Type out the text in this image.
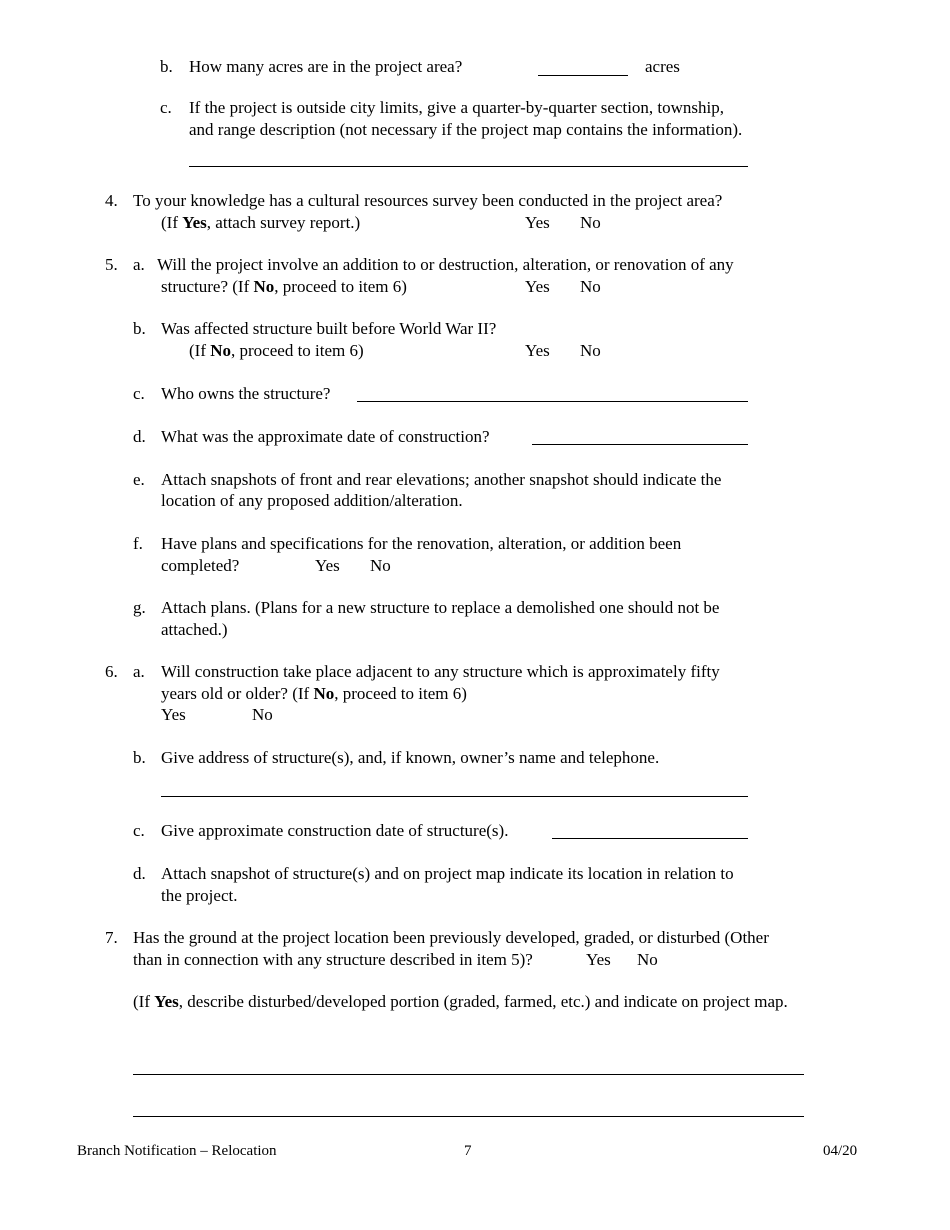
b. How many acres are in the project area?	acres
c. If the project is outside city limits, give a quarter-by-quarter section, township,
and range description (not necessary if the project map contains the information).
4. To your knowledge has a cultural resources survey been conducted in the project area?
(If Yes, attach survey report.)	Yes No
5. a. Will the project involve an addition to or destruction, alteration, or renovation of any
structure? (If No, proceed to item 6)	Yes No
b. Was affected structure built before World War II?
(If No, proceed to item 6)	Yes No
c. Who owns the structure?
d. What was the approximate date of construction?
e. Attach snapshots of front and rear elevations; another snapshot should indicate the
location of any proposed addition/alteration.
f. Have plans and specifications for the renovation, alteration, or addition been
completed?	Yes No
g. Attach plans. (Plans for a new structure to replace a demolished one should not be
attached.)
6. a. Will construction take place adjacent to any structure which is approximately fifty
years old or older? (If No, proceed to item 6)
Yes	No
b. Give address of structure(s), and, if known, owner’s name and telephone.
c. Give approximate construction date of structure(s).
d. Attach snapshot of structure(s) and on project map indicate its location in relation to
the project.
7. Has the ground at the project location been previously developed, graded, or disturbed (Other
than in connection with any structure described in item 5)?	Yes No
(If Yes, describe disturbed/developed portion (graded, farmed, etc.) and indicate on project map.
Branch Notification – Relocation	7	04/20
